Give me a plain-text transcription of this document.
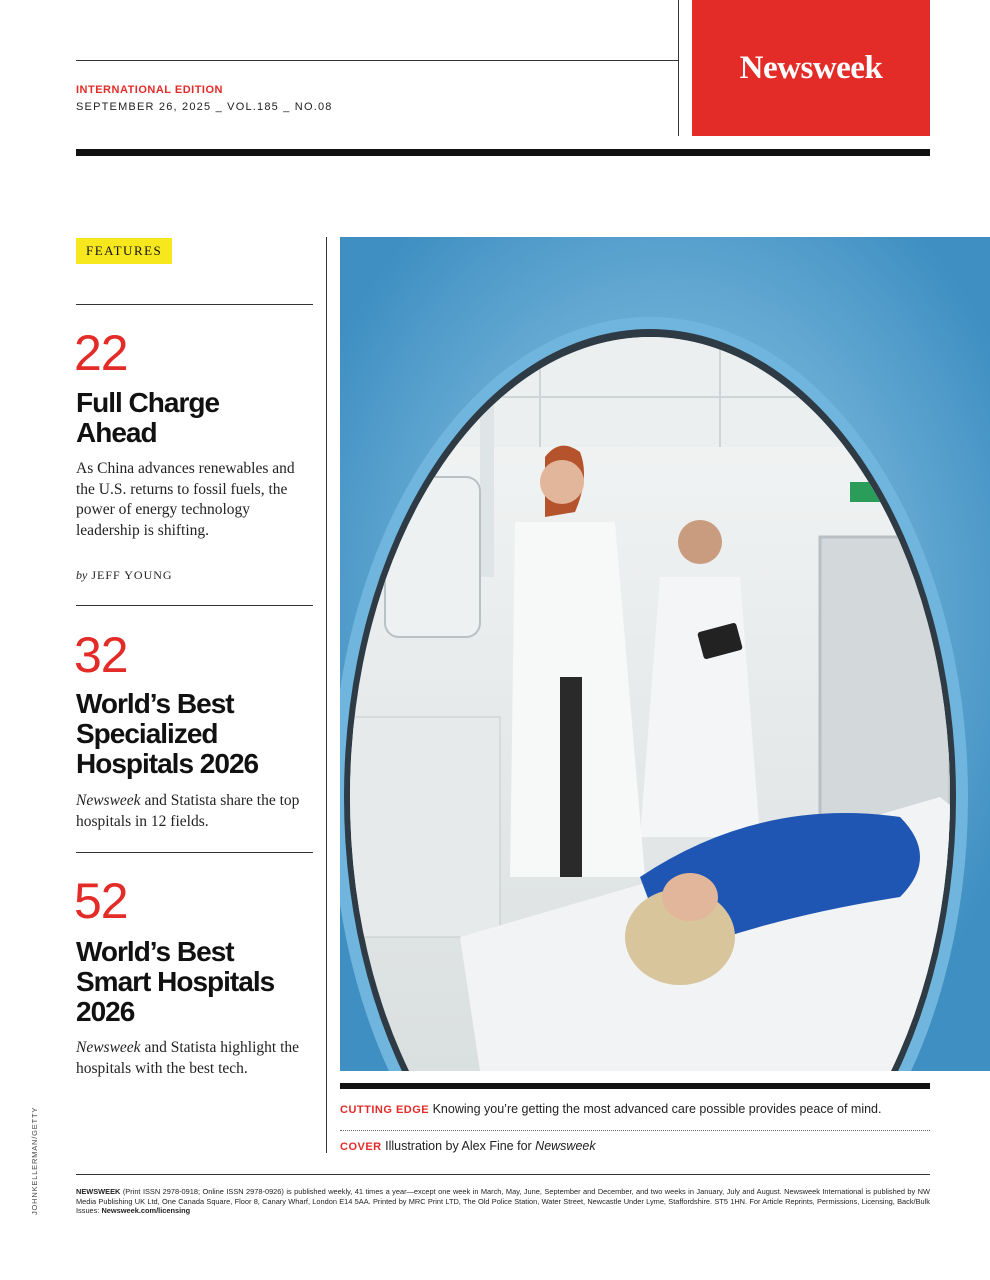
INTERNATIONAL EDITION
SEPTEMBER 26, 2025 _ VOL.185 _ NO.08
Newsweek
FEATURES
22
Full Charge
Ahead
As China advances renewables and the U.S. returns to fossil fuels, the power of energy technology leadership is shifting.
by JEFF YOUNG
32
World’s Best
Specialized
Hospitals 2026
Newsweek and Statista share the top hospitals in 12 fields.
52
World’s Best
Smart Hospitals
2026
Newsweek and Statista highlight the hospitals with the best tech.
CUTTING EDGE Knowing you’re getting the most advanced care possible provides peace of mind.
COVER Illustration by Alex Fine for Newsweek
JOHNKELLERMAN/GETTY	NEWSWEEK (Print ISSN 2978-0918; Online ISSN 2978-0926) is published weekly, 41 times a year—except one week in March, May, June, September and December, and two weeks in January, July and August. Newsweek International is published by NW Media Publishing UK Ltd, One Canada Square, Floor 8, Canary Wharf, London E14 5AA. Printed by MRC Print LTD, The Old Police Station, Water Street, Newcastle Under Lyme, Staffordshire. ST5 1HN. For Article Reprints, Permissions, Licensing, Back/Bulk Issues: Newsweek.com/licensing
